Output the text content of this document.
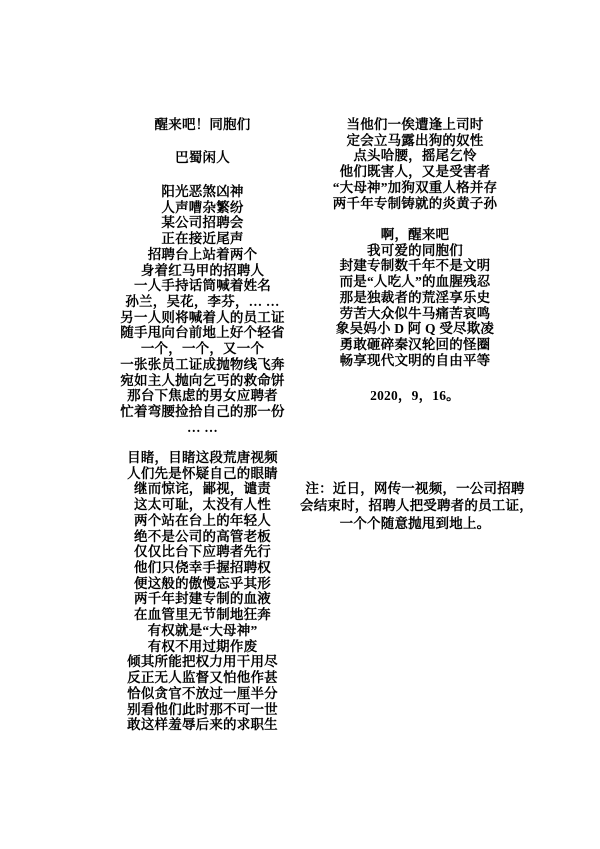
醒来吧！同胞们
巴蜀闲人
阳光恶煞凶神
人声嘈杂繁纷
某公司招聘会
正在接近尾声
招聘台上站着两个
身着红马甲的招聘人
一人手持话筒喊着姓名
孙兰，吴花，李芬，… …
另一人则将喊着人的员工证
随手甩向台前地上好个轻省
一个，一个，又一个
一张张员工证成抛物线飞奔
宛如主人抛向乞丐的救命饼
那台下焦虑的男女应聘者
忙着弯腰捡拾自己的那一份
… …
目睹，目睹这段荒唐视频
人们先是怀疑自己的眼睛
继而惊诧，鄙视，谴责
这太可耻，太没有人性
两个站在台上的年轻人
绝不是公司的高管老板
仅仅比台下应聘者先行
他们只侥幸手握招聘权
便这般的傲慢忘乎其形
两千年封建专制的血液
在血管里无节制地狂奔
有权就是“大母神”
有权不用过期作废
倾其所能把权力用干用尽
反正无人监督又怕他作甚
恰似贪官不放过一厘半分
别看他们此时那不可一世
敢这样羞辱后来的求职生
当他们一俟遭逢上司时
定会立马露出狗的奴性
点头哈腰，摇尾乞怜
他们既害人，又是受害者
“大母神”加狗双重人格并存
两千年专制铸就的炎黄子孙
啊，醒来吧
我可爱的同胞们
封建专制数千年不是文明
而是“人吃人”的血腥残忍
那是独裁者的荒淫享乐史
劳苦大众似牛马痛苦哀鸣
象吴妈小 D 阿 Q 受尽欺凌
勇敢砸碎秦汉轮回的怪圈
畅享现代文明的自由平等
2020，9，16。
注：近日，网传一视频，一公司招聘
会结束时，招聘人把受聘者的员工证，
一个个随意抛甩到地上。
